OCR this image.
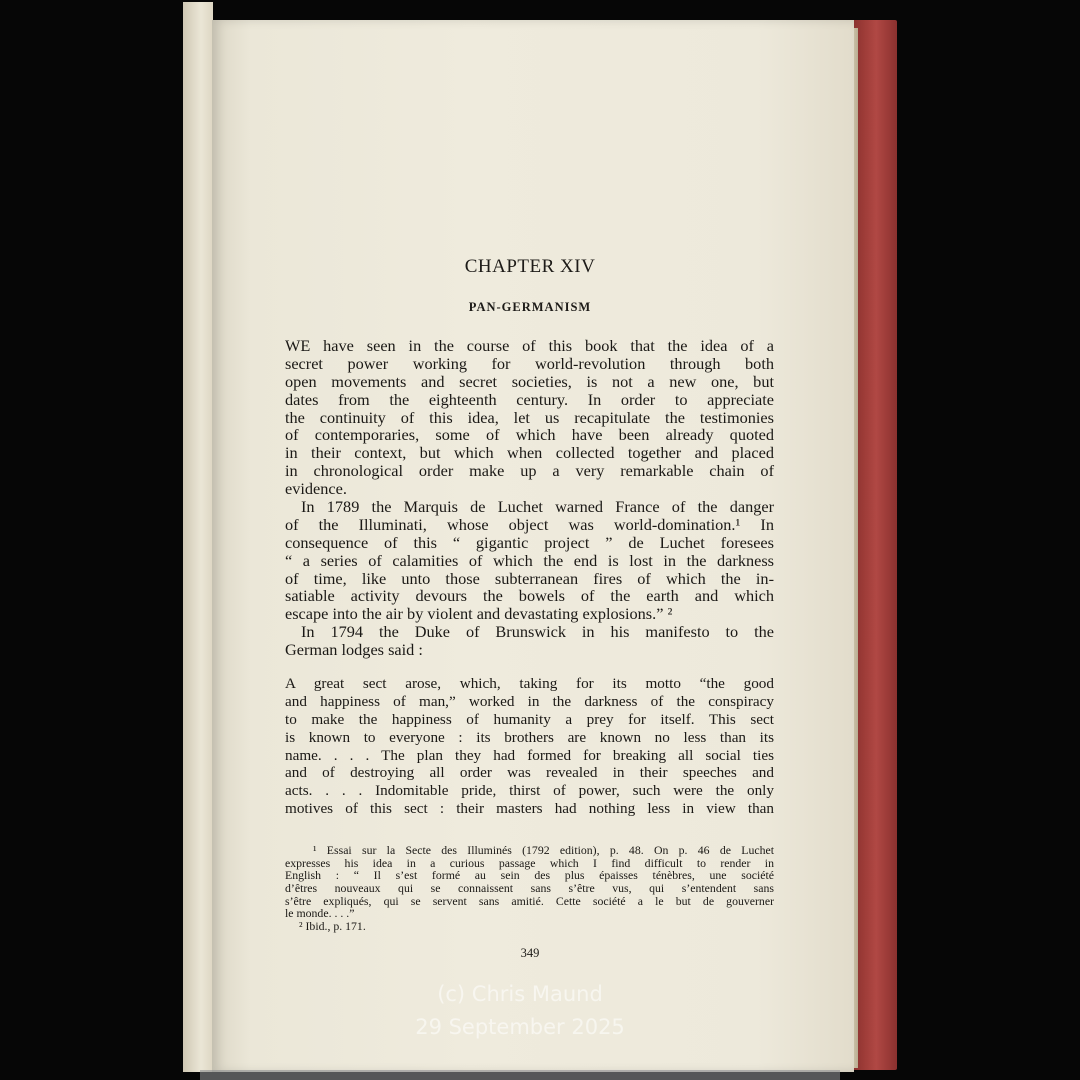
CHAPTER XIV
PAN-GERMANISM
WE have seen in the course of this book that the idea of a
secret power working for world-revolution through both
open movements and secret societies, is not a new one, but
dates from the eighteenth century. In order to appreciate
the continuity of this idea, let us recapitulate the testimonies
of contemporaries, some of which have been already quoted
in their context, but which when collected together and placed
in chronological order make up a very remarkable chain of
evidence.
In 1789 the Marquis de Luchet warned France of the danger
of the Illuminati, whose object was world-domination.¹ In
consequence of this “ gigantic project ” de Luchet foresees
“ a series of calamities of which the end is lost in the darkness
of time, like unto those subterranean fires of which the in-
satiable activity devours the bowels of the earth and which
escape into the air by violent and devastating explosions.” ²
In 1794 the Duke of Brunswick in his manifesto to the
German lodges said :
A great sect arose, which, taking for its motto “the good
and happiness of man,” worked in the darkness of the conspiracy
to make the happiness of humanity a prey for itself. This sect
is known to everyone : its brothers are known no less than its
name. . . . The plan they had formed for breaking all social ties
and of destroying all order was revealed in their speeches and
acts. . . . Indomitable pride, thirst of power, such were the only
motives of this sect : their masters had nothing less in view than
¹ Essai sur la Secte des Illuminés (1792 edition), p. 48. On p. 46 de Luchet
expresses his idea in a curious passage which I find difficult to render in
English : “ Il s’est formé au sein des plus épaisses ténèbres, une société
d’êtres nouveaux qui se connaissent sans s’être vus, qui s’entendent sans
s’être expliqués, qui se servent sans amitié. Cette société a le but de gouverner
le monde. . . .”
² Ibid., p. 171.
349
(c) Chris Maund
29 September 2025
